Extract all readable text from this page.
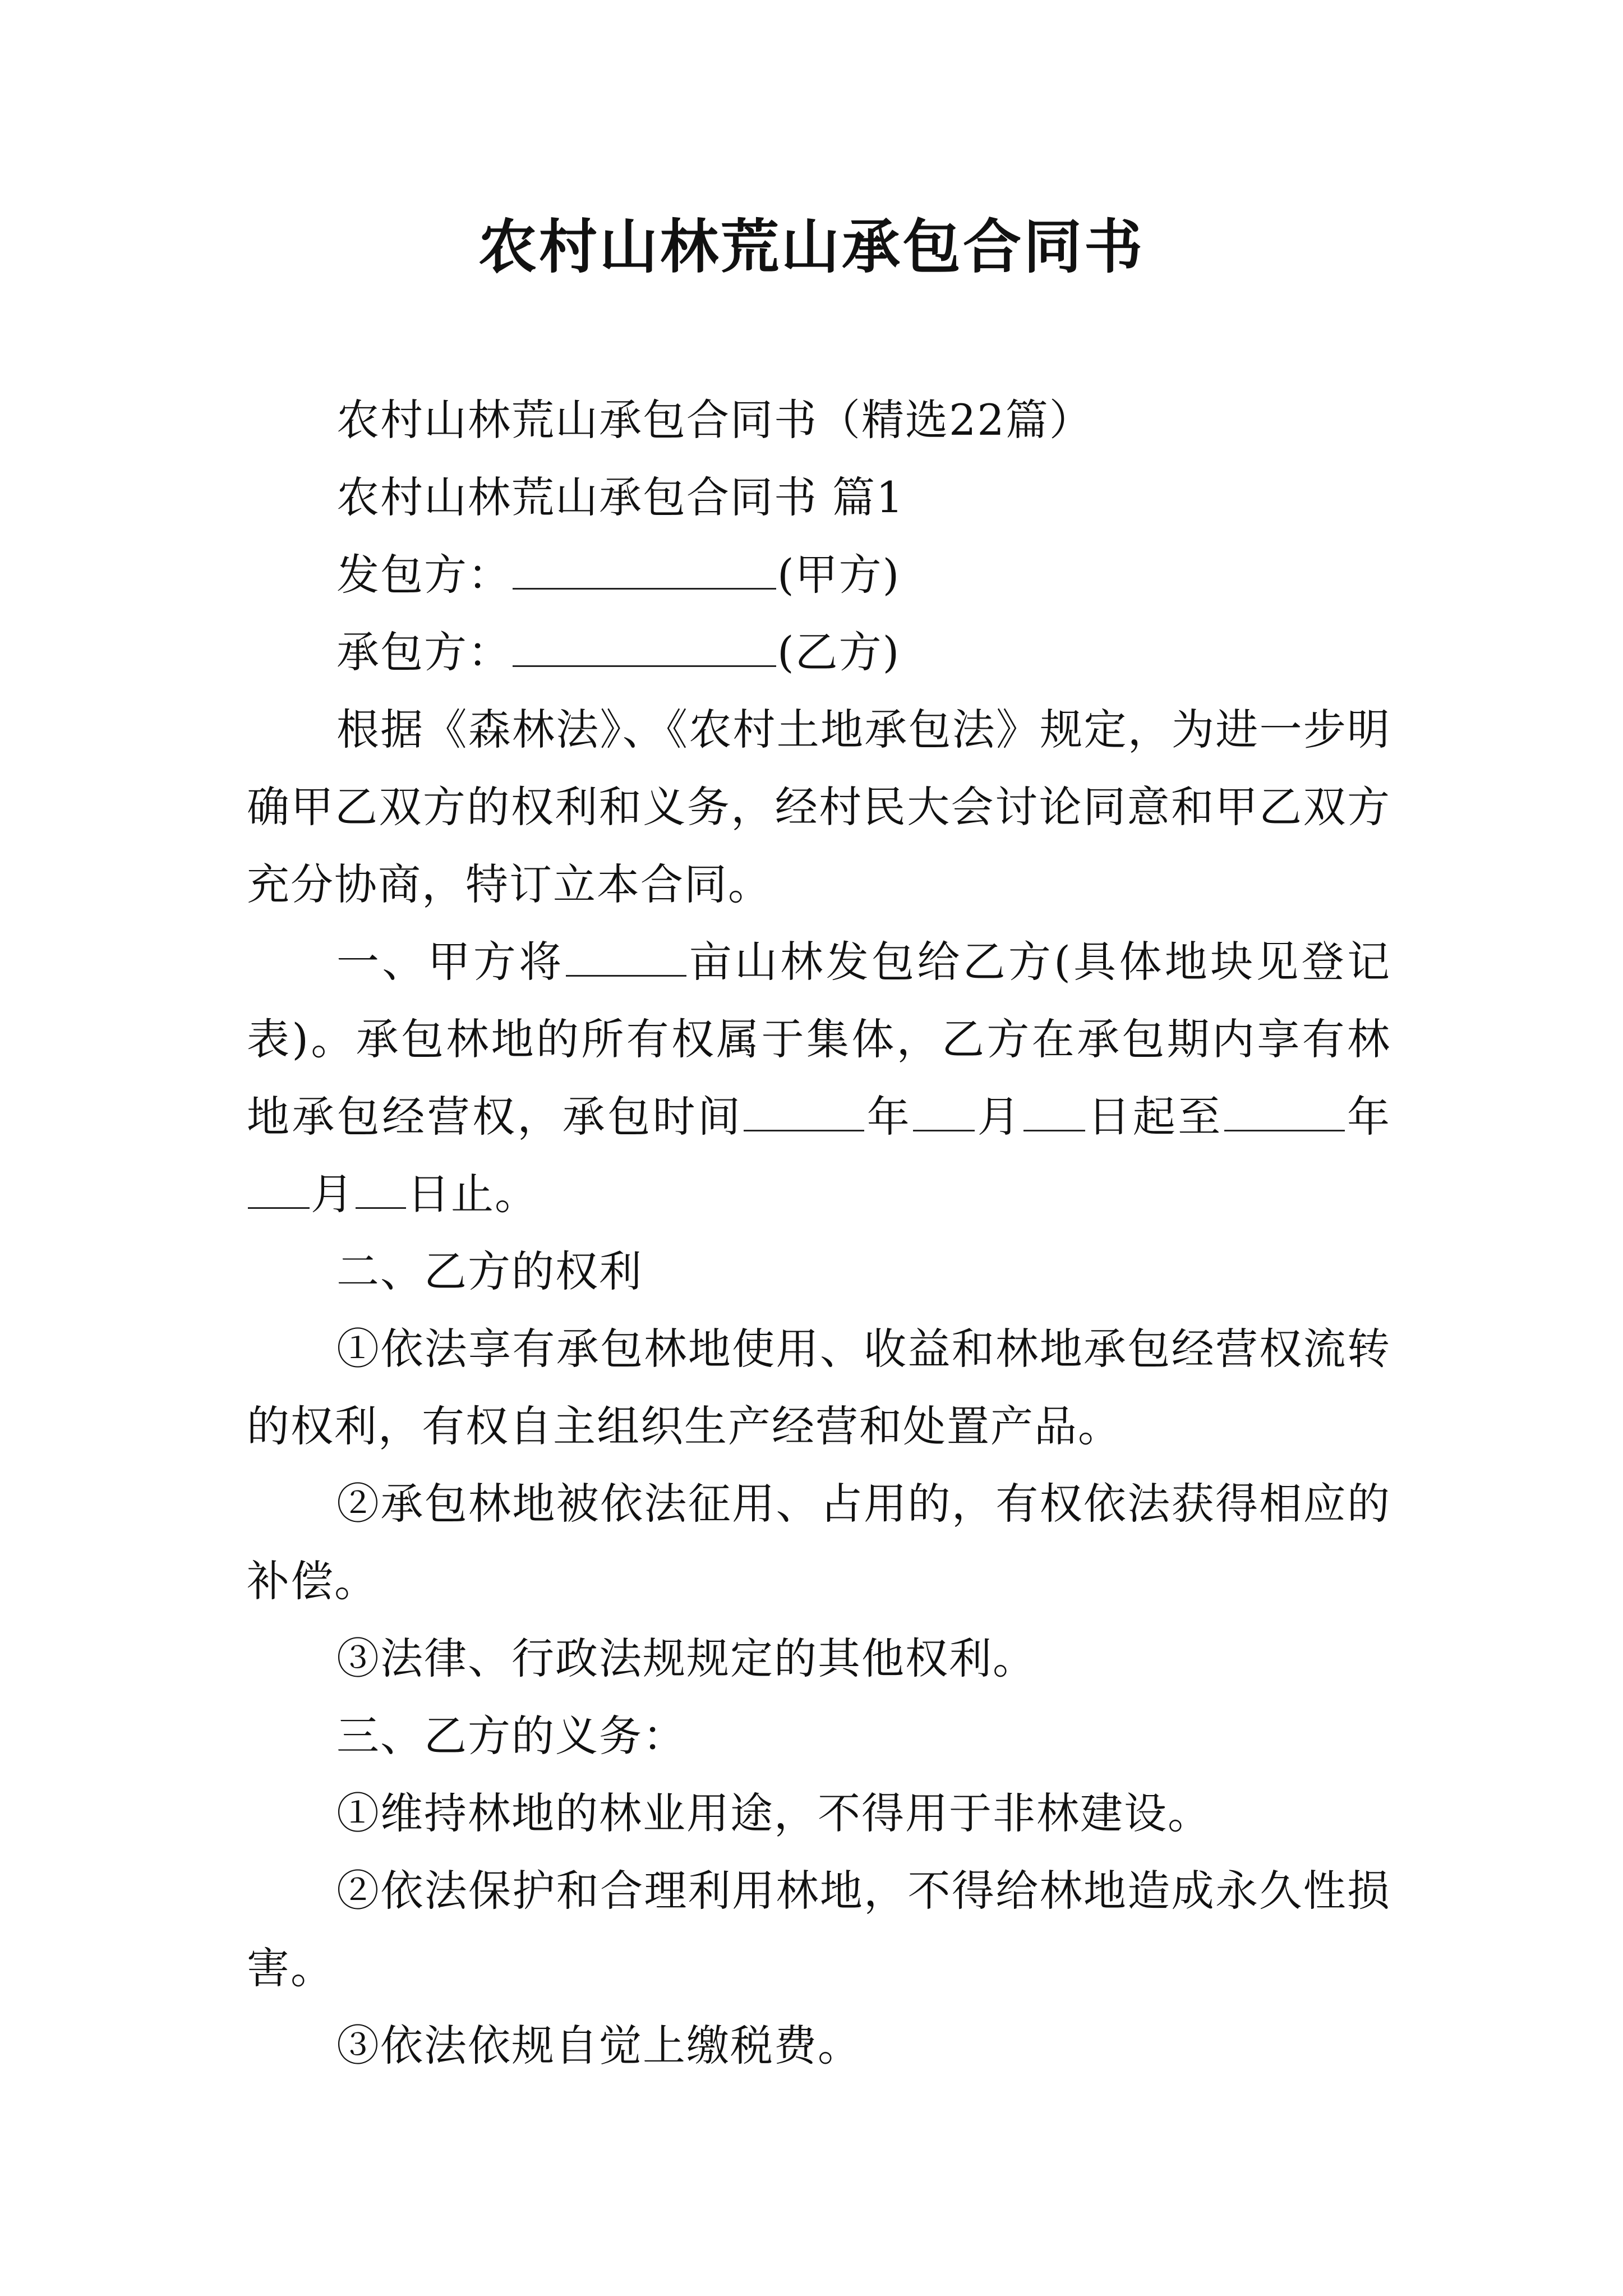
农村山林荒山承包合同书

农村山林荒山承包合同书（精选22篇）

农村山林荒山承包合同书 篇1

发包方：	(甲方)

承包方：	(乙方)

根据《森林法》、《农村土地承包法》规定，为进一步明确甲乙双方的权利和义务，经村民大会讨论同意和甲乙双方充分协商，特订立本合同。

一、甲方将	亩山林发包给乙方(具体地块见登记表)。承包林地的所有权属于集体，乙方在承包期内享有林地承包经营权，承包时间	年 月 日起至	年月 日止。

二、乙方的权利

①依法享有承包林地使用、收益和林地承包经营权流转的权利，有权自主组织生产经营和处置产品。

②承包林地被依法征用、占用的，有权依法获得相应的补偿。

③法律、行政法规规定的其他权利。

三、乙方的义务：

①维持林地的林业用途，不得用于非林建设。

②依法保护和合理利用林地，不得给林地造成永久性损害。

③依法依规自觉上缴税费。
